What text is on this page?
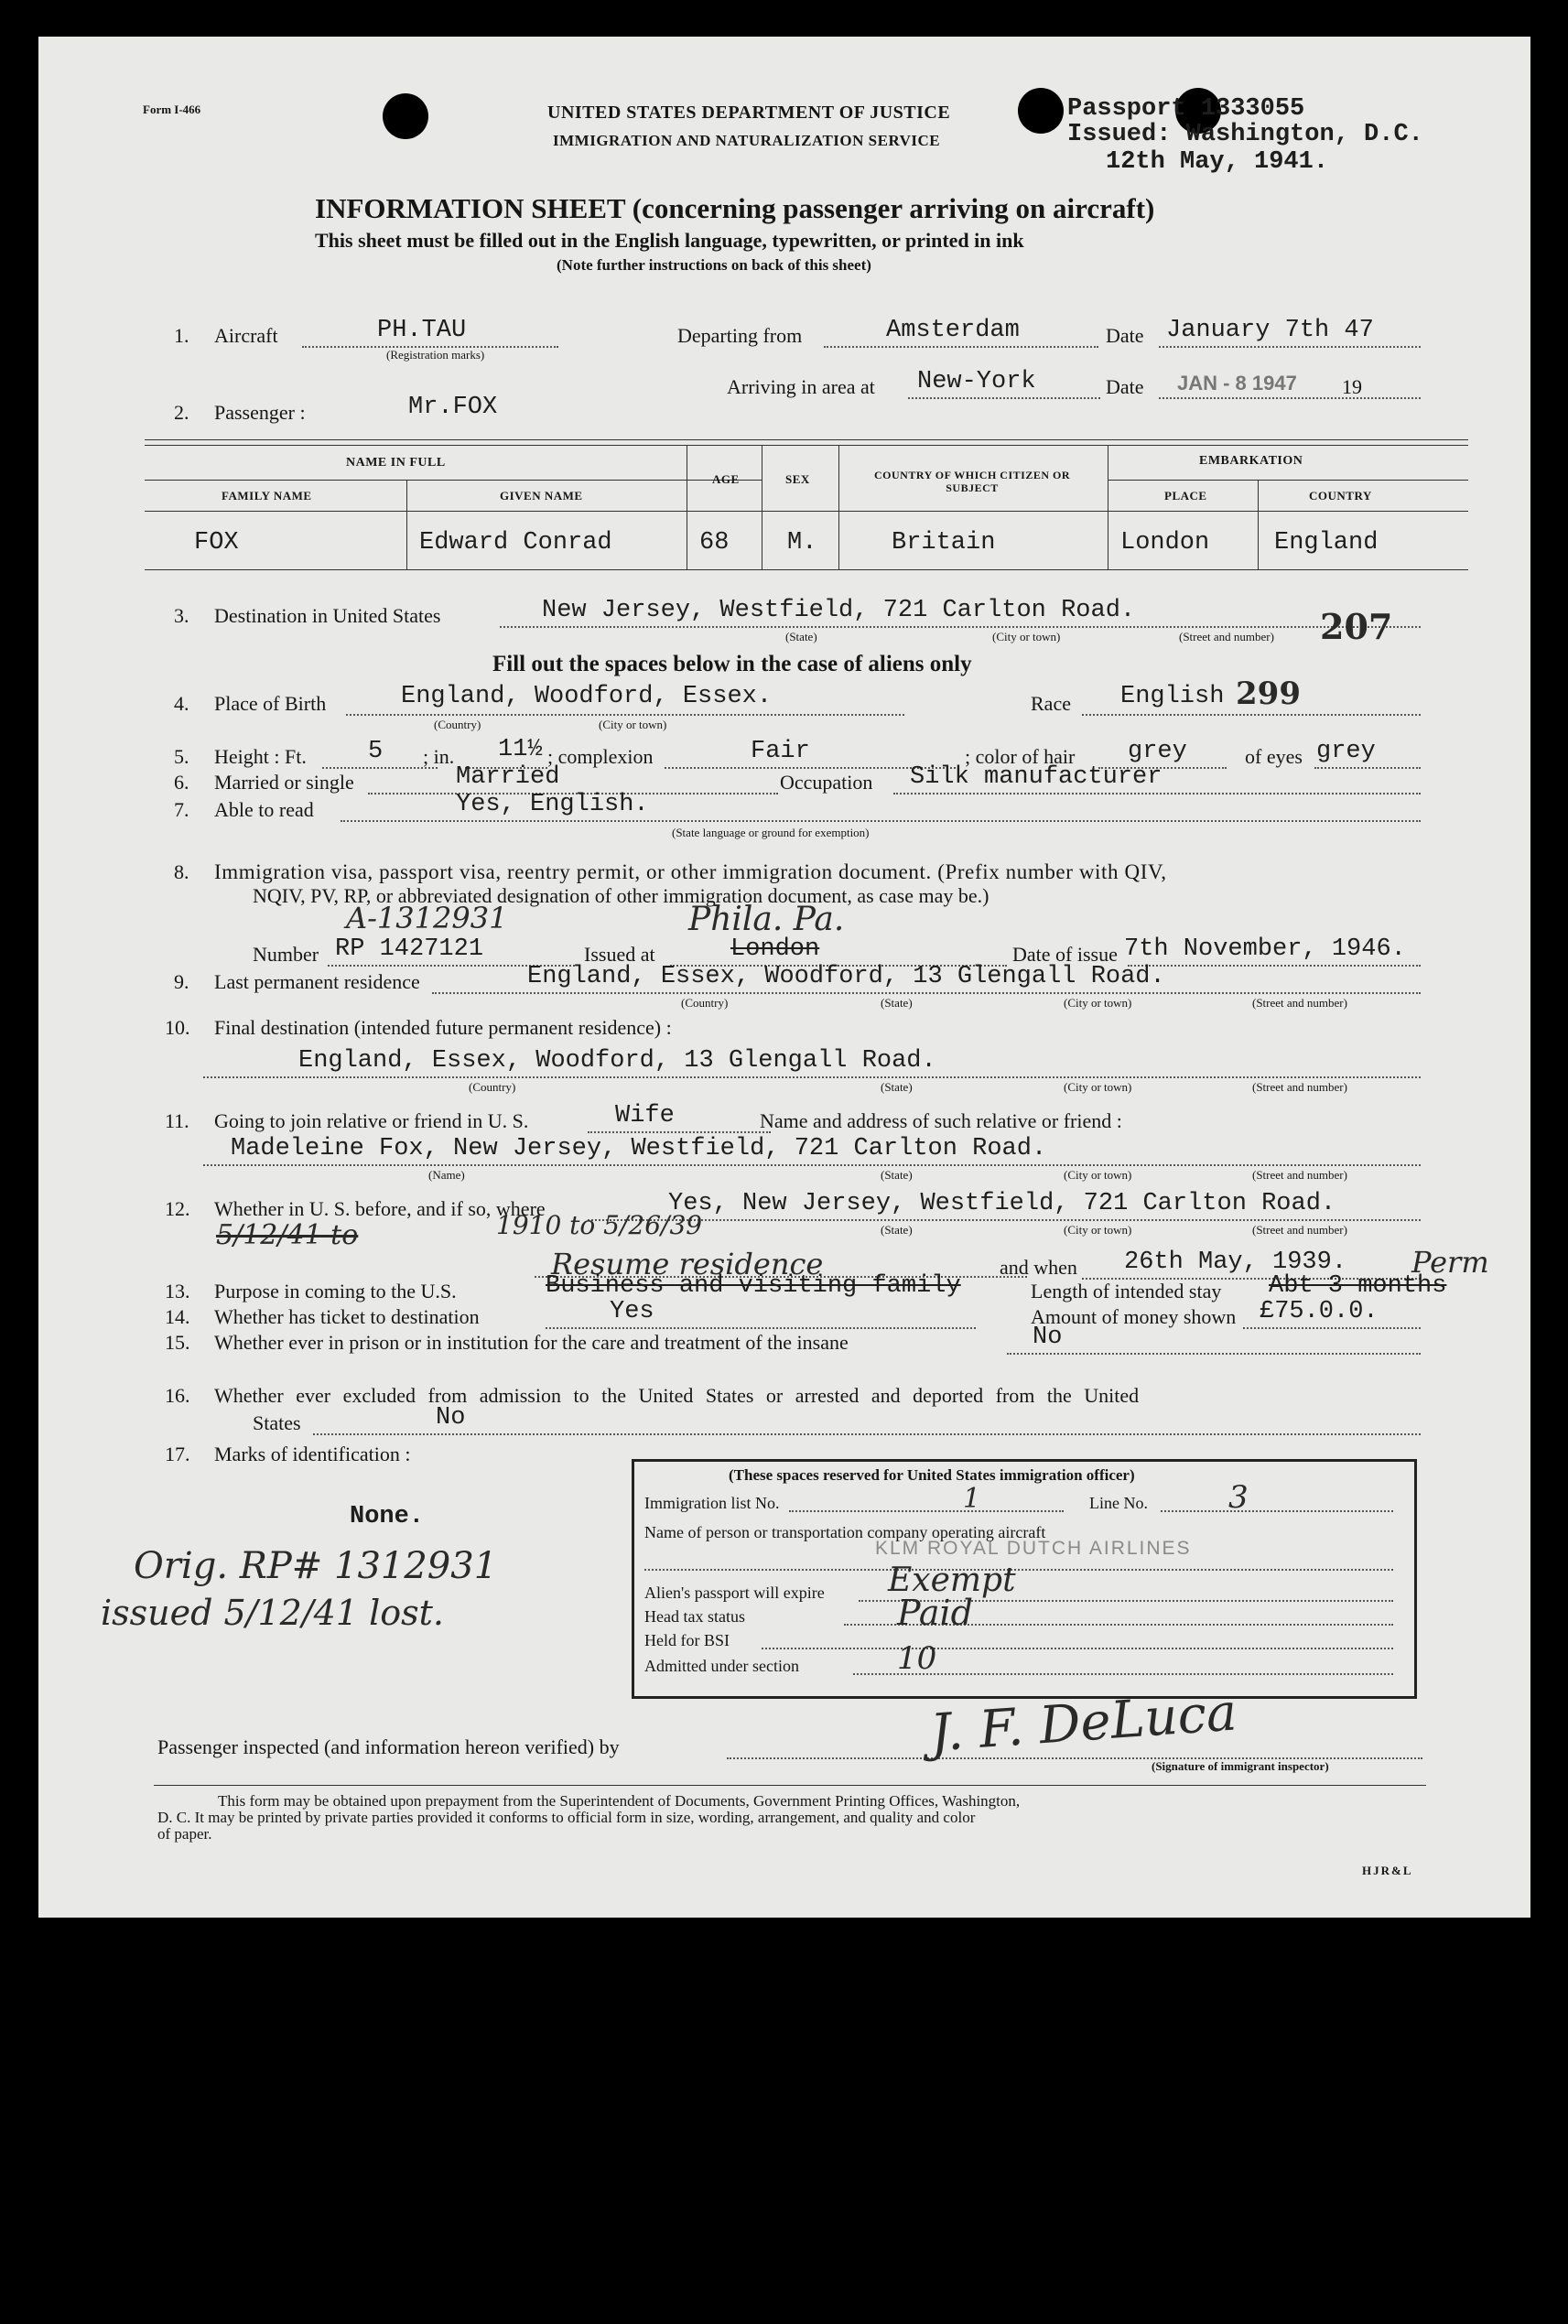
Form I-466	UNITED STATES DEPARTMENT OF JUSTICE
IMMIGRATION AND NATURALIZATION SERVICE
Passport 1333055
Issued: Washington, D.C.
12th May, 1941.
INFORMATION SHEET (concerning passenger arriving on aircraft)
This sheet must be filled out in the English language, typewritten, or printed in ink
(Note further instructions on back of this sheet)
1. Aircraft	PH.TAU
(Registration marks)
Departing from	Amsterdam	Date January 7th 47
Arriving in area at New-York	Date JAN - 8 1947 19
2. Passenger :	Mr.FOX
NAME IN FULL
FAMILY NAME	GIVEN NAME
AGE	SEX	COUNTRY OF WHICH CITIZEN OR SUBJECT
EMBARKATION
PLACE	COUNTRY
FOX	Edward Conrad	68 M.	Britain	London	England
3. Destination in United States	New Jersey, Westfield, 721 Carlton Road.
(State)	(City or town)	(Street and number) 207
Fill out the spaces below in the case of aliens only
4. Place of Birth	England, Woodford, Essex.
(Country)	(City or town)
Race English 299
5. Height : Ft. 5 ; in. 11½ ; complexion	Fair	; color of hair grey	of eyes grey
6. Married or single	Married	Occupation Silk manufacturer
7. Able to read	Yes, English.
(State language or ground for exemption)
8. Immigration visa, passport visa, reentry permit, or other immigration document. (Prefix number with QIV,
NQIV, PV, RP, or abbreviated designation of other immigration document, as case may be.)
A-1312931
Number RP 1427121	Issued at	London
Phila. Pa.
Date of issue 7th November, 1946.
9. Last permanent residence	England, Essex, Woodford, 13 Glengall Road.
(Country)	(State)	(City or town)	(Street and number)
10. Final destination (intended future permanent residence) :
England, Essex, Woodford, 13 Glengall Road.
(Country)	(State)	(City or town)	(Street and number)
11. Going to join relative or friend in U. S.	Wife	Name and address of such relative or friend :
Madeleine Fox, New Jersey, Westfield, 721 Carlton Road.
(Name)	(State)	(City or town)	(Street and number)
12. Whether in U. S. before, and if so, where	Yes, New Jersey, Westfield, 721 Carlton Road.
5/12/41 to	1910 to 5/26/39	(State)	(City or town)	(Street and number)
Resume residence	and when 26th May, 1939.
13. Purpose in coming to the U.S.	Business and visiting family	Length of intended stay Abt 3 months
Perm
14. Whether has ticket to destination	Yes	Amount of money shown £75.0.0.
15. Whether ever in prison or in institution for the care and treatment of the insane	No
16. Whether ever excluded from admission to the United States or arrested and deported from the United
States	No
17. Marks of identification :
None.
Orig. RP# 1312931
issued 5/12/41 lost.
(These spaces reserved for United States immigration officer)
Immigration list No.	1	Line No.	3
Name of person or transportation company operating aircraft
KLM ROYAL DUTCH AIRLINES
Alien's passport will expire Exempt
Head tax status	Paid
Held for BSI
Admitted under section	10
Passenger inspected (and information hereon verified) by	J. F. DeLuca
(Signature of immigrant inspector)
This form may be obtained upon prepayment from the Superintendent of Documents, Government Printing Offices, Washington,
D. C. It may be printed by private parties provided it conforms to official form in size, wording, arrangement, and quality and color
of paper.
HJR&L
